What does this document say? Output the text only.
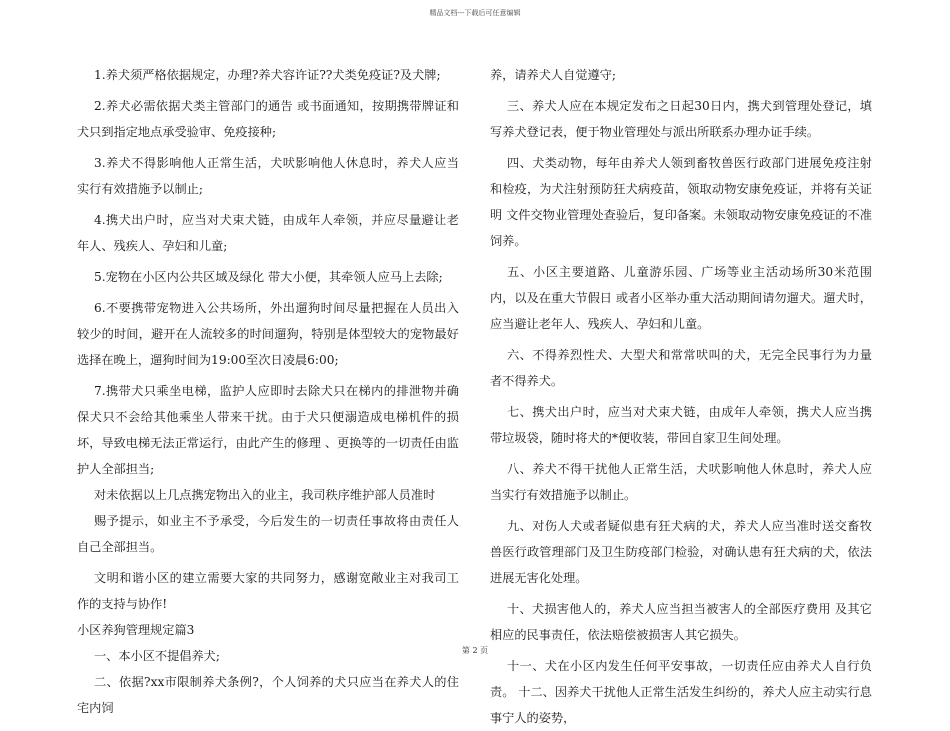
精品文档---下载后可任意编辑

1.养犬须严格依据规定，办理?养犬容许证??犬类免疫证?及犬牌;

2.养犬必需依据犬类主管部门的通告 或书面通知，按期携带牌证和犬只到指定地点承受验审、免疫接种;

3.养犬不得影响他人正常生活，犬吠影响他人休息时，养犬人应当实行有效措施予以制止;

4.携犬出户时，应当对犬束犬链，由成年人牵领，并应尽量避让老年人、残疾人、孕妇和儿童;

5.宠物在小区内公共区域及绿化 带大小便，其牵领人应马上去除;

6.不要携带宠物进入公共场所，外出遛狗时间尽量把握在人员出入较少的时间，避开在人流较多的时间遛狗，特别是体型较大的宠物最好选择在晚上，遛狗时间为19:00至次日凌晨6:00;

7.携带犬只乘坐电梯，监护人应即时去除犬只在梯内的排泄物并确保犬只不会给其他乘坐人带来干扰。由于犬只便溺造成电梯机件的损坏，导致电梯无法正常运行，由此产生的修理 、更换等的一切责任由监护人全部担当;

对未依据以上几点携宠物出入的业主，我司秩序维护部人员准时

赐予提示，如业主不予承受，今后发生的一切责任事故将由责任人自己全部担当。

文明和谐小区的建立需要大家的共同努力，感谢宽敞业主对我司工作的支持与协作!

小区养狗管理规定篇3

一、本小区不提倡养犬;

二、依据?xx市限制养犬条例?，个人饲养的犬只应当在养犬人的住宅内饲

养，请养犬人自觉遵守;

三、养犬人应在本规定发布之日起30日内，携犬到管理处登记，填写养犬登记表，便于物业管理处与派出所联系办理办证手续。

四、犬类动物，每年由养犬人领到畜牧兽医行政部门进展免疫注射和检疫，为犬注射预防狂犬病疫苗，领取动物安康免疫证，并将有关证明 文件交物业管理处查验后，复印备案。未领取动物安康免疫证的不准饲养。

五、小区主要道路、儿童游乐园、广场等业主活动场所30米范围内，以及在重大节假日 或者小区举办重大活动期间请勿遛犬。遛犬时，应当避让老年人、残疾人、孕妇和儿童。

六、不得养烈性犬、大型犬和常常吠叫的犬，无完全民事行为力量者不得养犬。

七、携犬出户时，应当对犬束犬链，由成年人牵领，携犬人应当携带垃圾袋，随时将犬的*便收装，带回自家卫生间处理。

八、养犬不得干扰他人正常生活，犬吠影响他人休息时，养犬人应当实行有效措施予以制止。

九、对伤人犬或者疑似患有狂犬病的犬，养犬人应当准时送交畜牧兽医行政管理部门及卫生防疫部门检验，对确认患有狂犬病的犬，依法进展无害化处理。

十、犬损害他人的，养犬人应当担当被害人的全部医疗费用 及其它相应的民事责任，依法赔偿被损害人其它损失。

十一、犬在小区内发生任何平安事故，一切责任应由养犬人自行负责。 十二、因养犬干扰他人正常生活发生纠纷的，养犬人应主动实行息事宁人的姿势，

第 2 页
